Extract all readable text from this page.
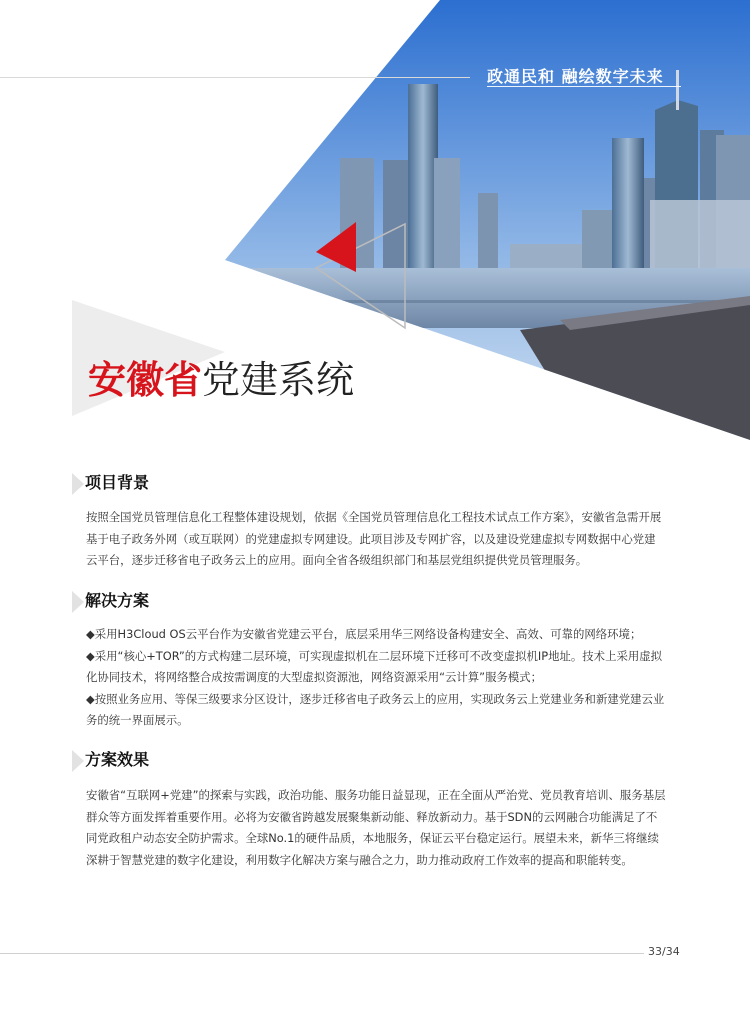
政通民和 融绘数字未来
安徽省党建系统
项目背景

按照全国党员管理信息化工程整体建设规划，依据《全国党员管理信息化工程技术试点工作方案》，安徽省急需开展基于电子政务外网（或互联网）的党建虚拟专网建设。此项目涉及专网扩容，以及建设党建虚拟专网数据中心党建云平台，逐步迁移省电子政务云上的应用。面向全省各级组织部门和基层党组织提供党员管理服务。

解决方案

◆采用H3Cloud OS云平台作为安徽省党建云平台，底层采用华三网络设备构建安全、高效、可靠的网络环境；

◆采用“核心+TOR”的方式构建二层环境，可实现虚拟机在二层环境下迁移可不改变虚拟机IP地址。技术上采用虚拟化协同技术，将网络整合成按需调度的大型虚拟资源池，网络资源采用“云计算”服务模式；

◆按照业务应用、等保三级要求分区设计，逐步迁移省电子政务云上的应用，实现政务云上党建业务和新建党建云业务的统一界面展示。

方案效果

安徽省“互联网+党建”的探索与实践，政治功能、服务功能日益显现，正在全面从严治党、党员教育培训、服务基层群众等方面发挥着重要作用。必将为安徽省跨越发展聚集新动能、释放新动力。基于SDN的云网融合功能满足了不同党政租户动态安全防护需求。全球No.1的硬件品质，本地服务，保证云平台稳定运行。展望未来，新华三将继续深耕于智慧党建的数字化建设，利用数字化解决方案与融合之力，助力推动政府工作效率的提高和职能转变。

33/34
